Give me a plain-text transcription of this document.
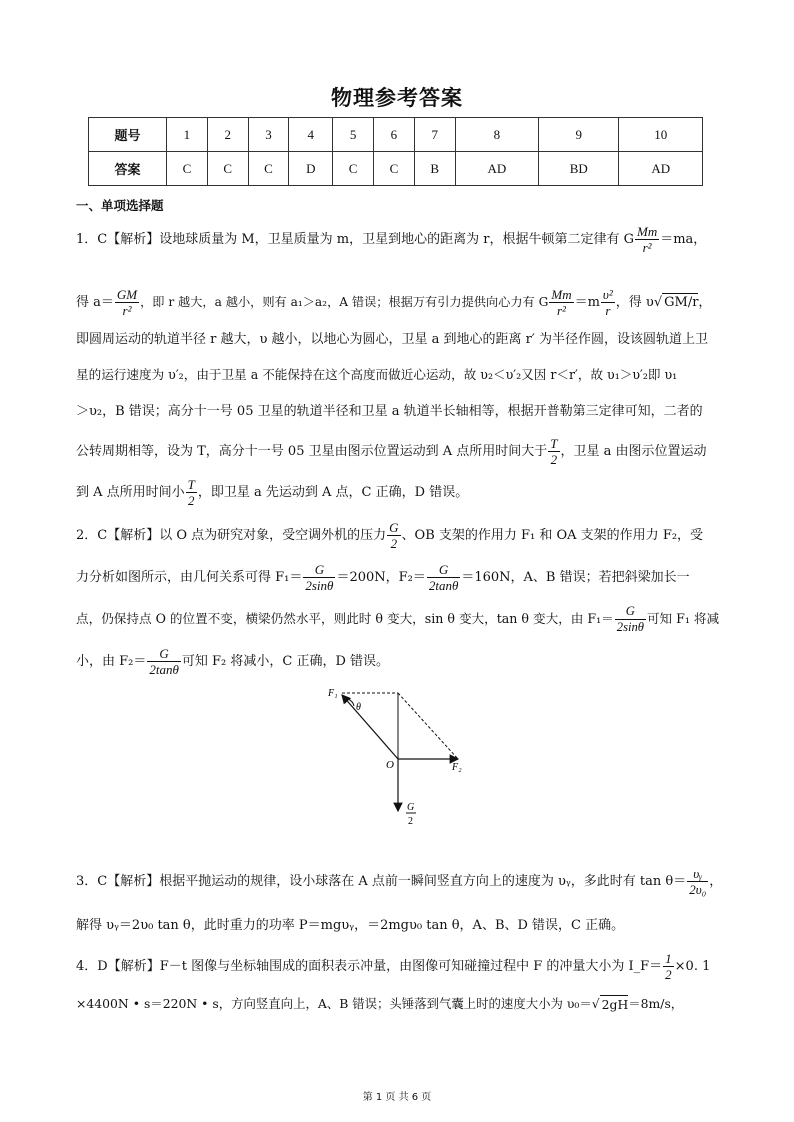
物理参考答案
题号	1	2	3	4	5	6	7	8	9	10
答案	C	C	C	D	C	C	B	AD	BD	AD
一、单项选择题
1．C【解析】设地球质量为 M，卫星质量为 m，卫星到地心的距离为 r，根据牛顿第二定律有 G $\frac{Mm}{\text{r²}} =ma$，
得 $a= \frac{GM}{\text{r²}}$ ，即 r 越大，a 越小，则有 a₁＞a₂，A 错误；根据万有引力提供向心力有 G $\frac{Mm}{\text{r²}} =m \frac{\text{υ²}}{r}$ ，得 υ√ GM/r，
即圆周运动的轨道半径 r 越大，υ 越小，以地心为圆心，卫星 a 到地心的距离 r′ 为半径作圆，设该圆轨道上卫
星的运行速度为 υ′₂，由于卫星 a 不能保持在这个高度而做近心运动，故 υ₂＜υ′₂又因 r＜r′，故 υ₁＞υ′₂即 υ₁
＞υ₂，B 错误；高分十一号 05 卫星的轨道半径和卫星 a 轨道半长轴相等，根据开普勒第三定律可知，二者的
公转周期相等，设为 T，高分十一号 05 卫星由图示位置运动到 A 点所用时间大于 $\frac{T}{2}$ ，卫星 a 由图示位置运动
到 A 点所用时间小 $\frac{T}{2}$ ，即卫星 a 先运动到 A 点，C 正确，D 错误。
2．C【解析】以 O 点为研究对象，受空调外机的压力 $\frac{G}{2}$ 、OB 支架的作用力 F₁ 和 OA 支架的作用力 F₂，受
力分析如图所示，由几何关系可得 $F_1= \frac{G}{2\sin\theta} =200N$，$F_2= \frac{G}{2\tan\theta} =160N$，A、B 错误；若把斜梁加长一
点，仍保持点 O 的位置不变，横梁仍然水平，则此时 θ 变大，sin θ 变大，tan θ 变大，由 $F_1= \frac{G}{2\sin\theta}$ 可知 F₁ 将减
小，由 $F_2= \frac{G}{2\tan\theta}$ 可知 F₂ 将减小，C 正确，D 错误。
F₁
θ
O	F₂
G
2
3．C【解析】根据平抛运动的规律，设小球落在 A 点前一瞬间竖直方向上的速度为 υᵧ，多此时有 $\tan \theta= \frac{\text{υᵧ}}{\text{2υ₀}}$ ，
解得 υᵧ＝2υ₀ tan θ，此时重力的功率 P＝mgυᵧ，＝2mgυ₀ tan θ，A、B、D 错误，C 正确。
4．D【解析】F－t 图像与坐标轴围成的面积表示冲量，由图像可知碰撞过程中 F 的冲量大小为 I_F＝ $\frac{1}{2} \times 0$. 1
×4400N • s＝220N • s，方向竖直向上，A、B 错误；头锤落到气囊上时的速度大小为 υ₀＝√ 2gH＝8m/s，
第 1 页 共 6 页
